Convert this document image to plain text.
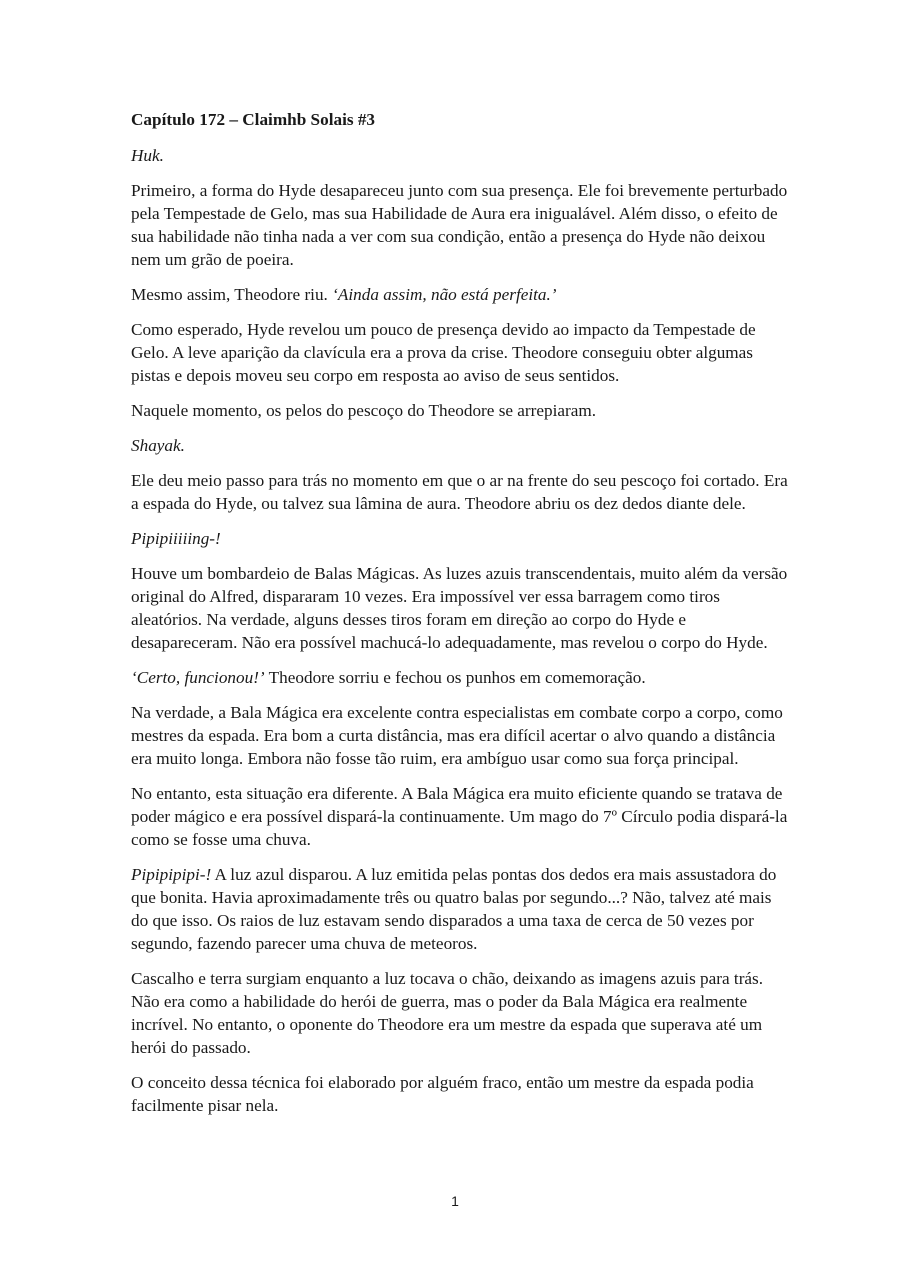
Capítulo 172 – Claimhb Solais #3

Huk.

Primeiro, a forma do Hyde desapareceu junto com sua presença. Ele foi brevemente perturbado pela Tempestade de Gelo, mas sua Habilidade de Aura era inigualável. Além disso, o efeito de sua habilidade não tinha nada a ver com sua condição, então a presença do Hyde não deixou nem um grão de poeira.

Mesmo assim, Theodore riu. ‘Ainda assim, não está perfeita.’

Como esperado, Hyde revelou um pouco de presença devido ao impacto da Tempestade de Gelo. A leve aparição da clavícula era a prova da crise. Theodore conseguiu obter algumas pistas e depois moveu seu corpo em resposta ao aviso de seus sentidos.

Naquele momento, os pelos do pescoço do Theodore se arrepiaram.

Shayak.

Ele deu meio passo para trás no momento em que o ar na frente do seu pescoço foi cortado. Era a espada do Hyde, ou talvez sua lâmina de aura. Theodore abriu os dez dedos diante dele.

Pipipiiiiing-!

Houve um bombardeio de Balas Mágicas. As luzes azuis transcendentais, muito além da versão original do Alfred, dispararam 10 vezes. Era impossível ver essa barragem como tiros aleatórios. Na verdade, alguns desses tiros foram em direção ao corpo do Hyde e desapareceram. Não era possível machucá-lo adequadamente, mas revelou o corpo do Hyde.

‘Certo, funcionou!’ Theodore sorriu e fechou os punhos em comemoração.

Na verdade, a Bala Mágica era excelente contra especialistas em combate corpo a corpo, como mestres da espada. Era bom a curta distância, mas era difícil acertar o alvo quando a distância era muito longa. Embora não fosse tão ruim, era ambíguo usar como sua força principal.

No entanto, esta situação era diferente. A Bala Mágica era muito eficiente quando se tratava de poder mágico e era possível dispará-la continuamente. Um mago do 7º Círculo podia dispará-la como se fosse uma chuva.

Pipipipipi-! A luz azul disparou. A luz emitida pelas pontas dos dedos era mais assustadora do que bonita. Havia aproximadamente três ou quatro balas por segundo...? Não, talvez até mais do que isso. Os raios de luz estavam sendo disparados a uma taxa de cerca de 50 vezes por segundo, fazendo parecer uma chuva de meteoros.

Cascalho e terra surgiam enquanto a luz tocava o chão, deixando as imagens azuis para trás. Não era como a habilidade do herói de guerra, mas o poder da Bala Mágica era realmente incrível. No entanto, o oponente do Theodore era um mestre da espada que superava até um herói do passado.

O conceito dessa técnica foi elaborado por alguém fraco, então um mestre da espada podia facilmente pisar nela.

1
